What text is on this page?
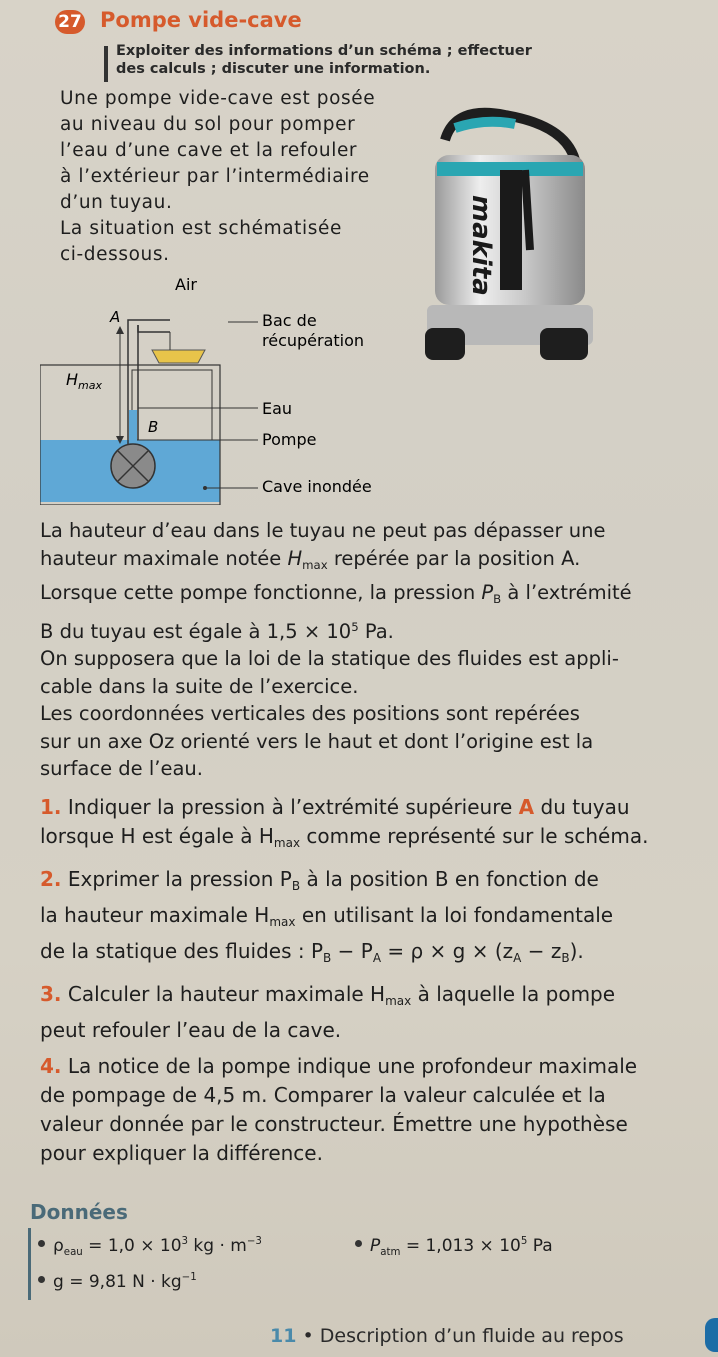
27 Pompe vide-cave
Exploiter des informations d’un schéma ; effectuer
des calculs ; discuter une information.

Une pompe vide-cave est posée

au niveau du sol pour pomper

l’eau d’une cave et la refouler

à l’extérieur par l’intermédiaire

d’un tuyau.

La situation est schématisée

ci-dessous.	makita
Air
A
$H_{max}$
B
Bac de
récupération
Eau
Pompe
Cave inondée

La hauteur d’eau dans le tuyau ne peut pas dépasser une

hauteur maximale notée $H_{max}$ repérée par la position A.

Lorsque cette pompe fonctionne, la pression $P_B$ à l’extrémité

B du tuyau est égale à $1,5 \times 10^5$ Pa.

On supposera que la loi de la statique des fluides est appli-

cable dans la suite de l’exercice.

Les coordonnées verticales des positions sont repérées

sur un axe Oz orienté vers le haut et dont l’origine est la

surface de l’eau.

1. Indiquer la pression à l’extrémité supérieure A du tuyau
lorsque H est égale à $H_{max}$ comme représenté sur le schéma.

2. Exprimer la pression $P_B$ à la position B en fonction de
la hauteur maximale $H_{max}$ en utilisant la loi fondamentale
de la statique des fluides : $P_B - P_A = \rho \times g \times (z_A - z_B)$.

3. Calculer la hauteur maximale $H_{max}$ à laquelle la pompe
peut refouler l’eau de la cave.

4. La notice de la pompe indique une profondeur maximale
de pompage de 4,5 m. Comparer la valeur calculée et la
valeur donnée par le constructeur. Émettre une hypothèse
pour expliquer la différence.

Données
$\rho_{eau} = 1,0 \times 10^3$ kg · $m^{-3}$	$P_{atm} = 1,013 \times 10^5$ Pa
g = 9,81 $N \cdot kg^{-1}$
11 • Description d’un fluide au repos
